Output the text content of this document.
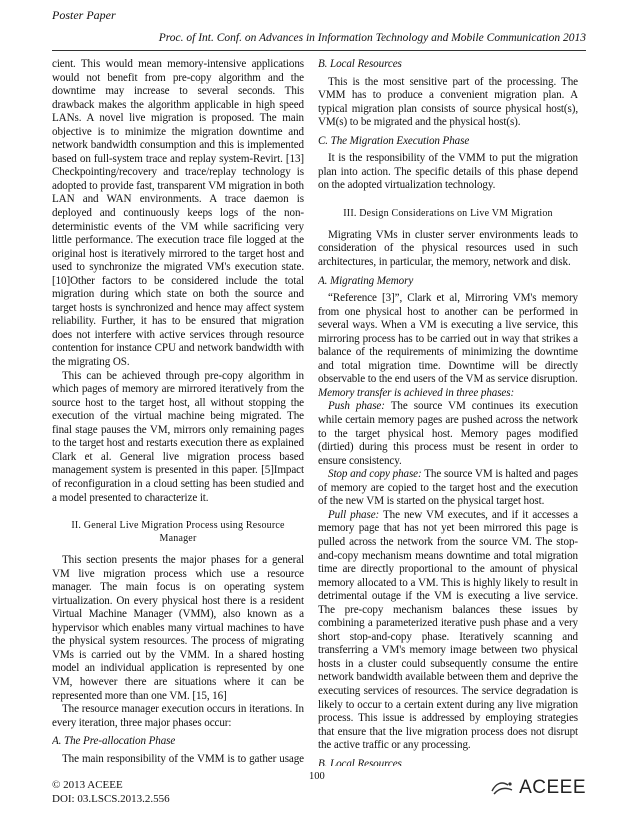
Poster Paper
Proc. of Int. Conf. on Advances in Information Technology and Mobile Communication 2013

cient. This would mean memory-intensive applications would not benefit from pre-copy algorithm and the downtime may increase to several seconds. This drawback makes the algorithm applicable in high speed LANs. A novel live migration is proposed. The main objective is to minimize the migration downtime and network bandwidth consumption and this is implemented based on full-system trace and replay system-Revirt. [13] Checkpointing/recovery and trace/replay technology is adopted to provide fast, transparent VM migration in both LAN and WAN environments. A trace daemon is deployed and continuously keeps logs of the non-deterministic events of the VM while sacrificing very little performance. The execution trace file logged at the original host is iteratively mirrored to the target host and used to synchronize the migrated VM's execution state. [10]Other factors to be considered include the total migration during which state on both the source and target hosts is synchronized and hence may affect system reliability. Further, it has to be ensured that migration does not interfere with active services through resource contention for instance CPU and network bandwidth with the migrating OS.

This can be achieved through pre-copy algorithm in which pages of memory are mirrored iteratively from the source host to the target host, all without stopping the execution of the virtual machine being migrated. The final stage pauses the VM, mirrors only remaining pages to the target host and restarts execution there as explained Clark et al. General live migration process based management system is presented in this paper. [5]Impact of reconfiguration in a cloud setting has been studied and a model presented to characterize it.

II. General Live Migration Process using Resource Manager

This section presents the major phases for a general VM live migration process which use a resource manager. The main focus is on operating system virtualization. On every physical host there is a resident Virtual Machine Manager (VMM), also known as a hypervisor which enables many virtual machines to have the physical system resources. The process of migrating VMs is carried out by the VMM. In a shared hosting model an individual application is represented by one VM, however there are situations where it can be represented more than one VM. [15, 16]

The resource manager execution occurs in iterations. In every iteration, three major phases occur:

A. The Pre-allocation Phase

The main responsibility of the VMM is to gather usage

B. Local Resources

This is the most sensitive part of the processing. The VMM has to produce a convenient migration plan. A typical migration plan consists of source physical host(s), VM(s) to be migrated and the physical host(s).

C. The Migration Execution Phase

It is the responsibility of the VMM to put the migration plan into action. The specific details of this phase depend on the adopted virtualization technology.

III. Design Considerations on Live VM Migration

Migrating VMs in cluster server environments leads to consideration of the physical resources used in such architectures, in particular, the memory, network and disk.

A. Migrating Memory

“Reference [3]”, Clark et al, Mirroring VM's memory from one physical host to another can be performed in several ways. When a VM is executing a live service, this mirroring process has to be carried out in way that strikes a balance of the requirements of minimizing the downtime and total migration time. Downtime will be directly observable to the end users of the VM as service disruption.

Memory transfer is achieved in three phases:

Push phase: The source VM continues its execution while certain memory pages are pushed across the network to the target physical host. Memory pages modified (dirtied) during this process must be resent in order to ensure consistency.

Stop and copy phase: The source VM is halted and pages of memory are copied to the target host and the execution of the new VM is started on the physical target host.

Pull phase: The new VM executes, and if it accesses a memory page that has not yet been mirrored this page is pulled across the network from the source VM. The stop-and-copy mechanism means downtime and total migration time are directly proportional to the amount of physical memory allocated to a VM. This is highly likely to result in detrimental outage if the VM is executing a live service. The pre-copy mechanism balances these issues by combining a parameterized iterative push phase and a very short stop-and-copy phase. Iteratively scanning and transferring a VM's memory image between two physical hosts in a cluster could subsequently consume the entire network bandwidth available between them and deprive the executing services of resources. The service degradation is likely to occur to a certain extent during any live migration process. This issue is addressed by employing strategies that ensure that the live migration process does not disrupt the active traffic or any processing.

B. Local Resources

© 2013 ACEEE
DOI: 03.LSCS.2013.2.556
100
ACEEE
